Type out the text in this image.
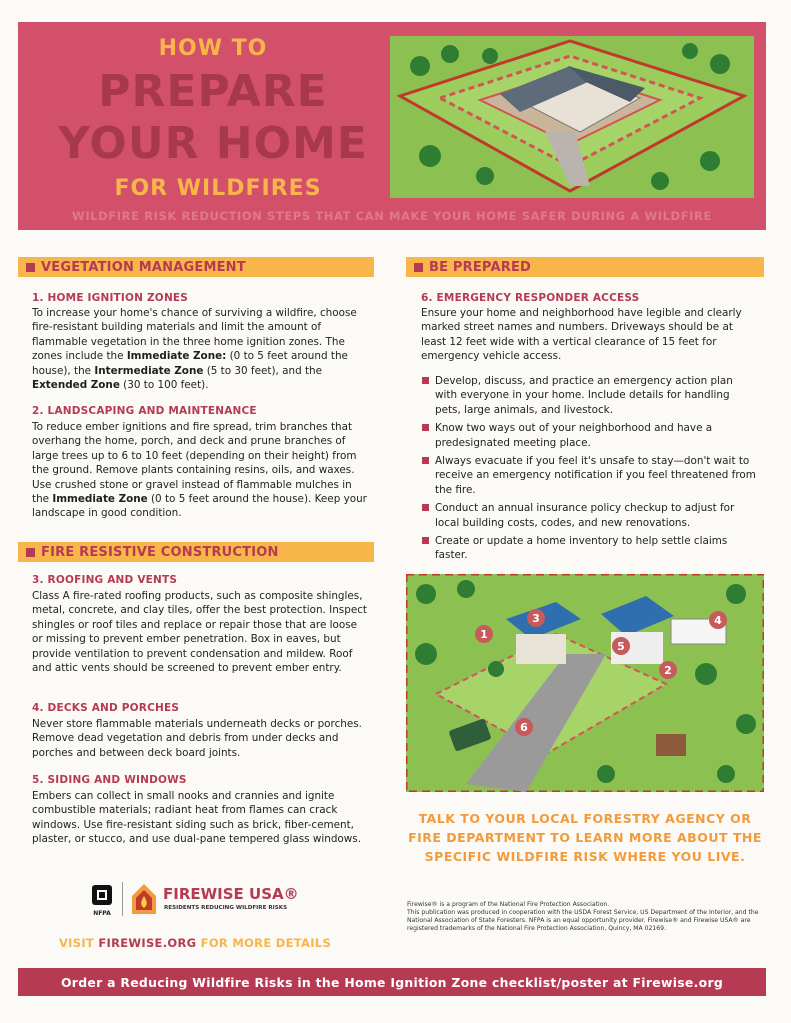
HOW TO
PREPARE
YOUR HOME
FOR WILDFIRES
WILDFIRE RISK REDUCTION STEPS THAT CAN MAKE YOUR HOME SAFER DURING A WILDFIRE
VEGETATION MANAGEMENT
1. HOME IGNITION ZONES
To increase your home's chance of surviving a wildfire, choose fire-resistant building materials and limit the amount of flammable vegetation in the three home ignition zones. The zones include the Immediate Zone: (0 to 5 feet around the house), the Intermediate Zone (5 to 30 feet), and the Extended Zone (30 to 100 feet).
2. LANDSCAPING AND MAINTENANCE
To reduce ember ignitions and fire spread, trim branches that overhang the home, porch, and deck and prune branches of large trees up to 6 to 10 feet (depending on their height) from the ground. Remove plants containing resins, oils, and waxes. Use crushed stone or gravel instead of flammable mulches in the Immediate Zone (0 to 5 feet around the house). Keep your landscape in good condition.
FIRE RESISTIVE CONSTRUCTION
3. ROOFING AND VENTS
Class A fire-rated roofing products, such as composite shingles, metal, concrete, and clay tiles, offer the best protection. Inspect shingles or roof tiles and replace or repair those that are loose or missing to prevent ember penetration. Box in eaves, but provide ventilation to prevent condensation and mildew. Roof and attic vents should be screened to prevent ember entry.
4. DECKS AND PORCHES
Never store flammable materials underneath decks or porches. Remove dead vegetation and debris from under decks and porches and between deck board joints.
5. SIDING AND WINDOWS
Embers can collect in small nooks and crannies and ignite combustible materials; radiant heat from flames can crack windows. Use fire-resistant siding such as brick, fiber-cement, plaster, or stucco, and use dual-pane tempered glass windows.
NFPA
FIREWISE USA®
RESIDENTS REDUCING WILDFIRE RISKS
VISIT FIREWISE.ORG FOR MORE DETAILS
BE PREPARED
6. EMERGENCY RESPONDER ACCESS
Ensure your home and neighborhood have legible and clearly marked street names and numbers. Driveways should be at least 12 feet wide with a vertical clearance of 15 feet for emergency vehicle access.
Develop, discuss, and practice an emergency action plan with everyone in your home. Include details for handling pets, large animals, and livestock.
Know two ways out of your neighborhood and have a predesignated meeting place.
Always evacuate if you feel it's unsafe to stay—don't wait to receive an emergency notification if you feel threatened from the fire.
Conduct an annual insurance policy checkup to adjust for local building costs, codes, and new renovations.
Create or update a home inventory to help settle claims faster.
1
2
3	4
5
6
TALK TO YOUR LOCAL FORESTRY AGENCY OR FIRE DEPARTMENT TO LEARN MORE ABOUT THE SPECIFIC WILDFIRE RISK WHERE YOU LIVE.
Firewise® is a program of the National Fire Protection Association.
This publication was produced in cooperation with the USDA Forest Service, US Department of the Interior, and the National Association of State Foresters. NFPA is an equal opportunity provider. Firewise® and Firewise USA® are registered trademarks of the National Fire Protection Association, Quincy, MA 02169.
Order a Reducing Wildfire Risks in the Home Ignition Zone checklist/poster at Firewise.org
